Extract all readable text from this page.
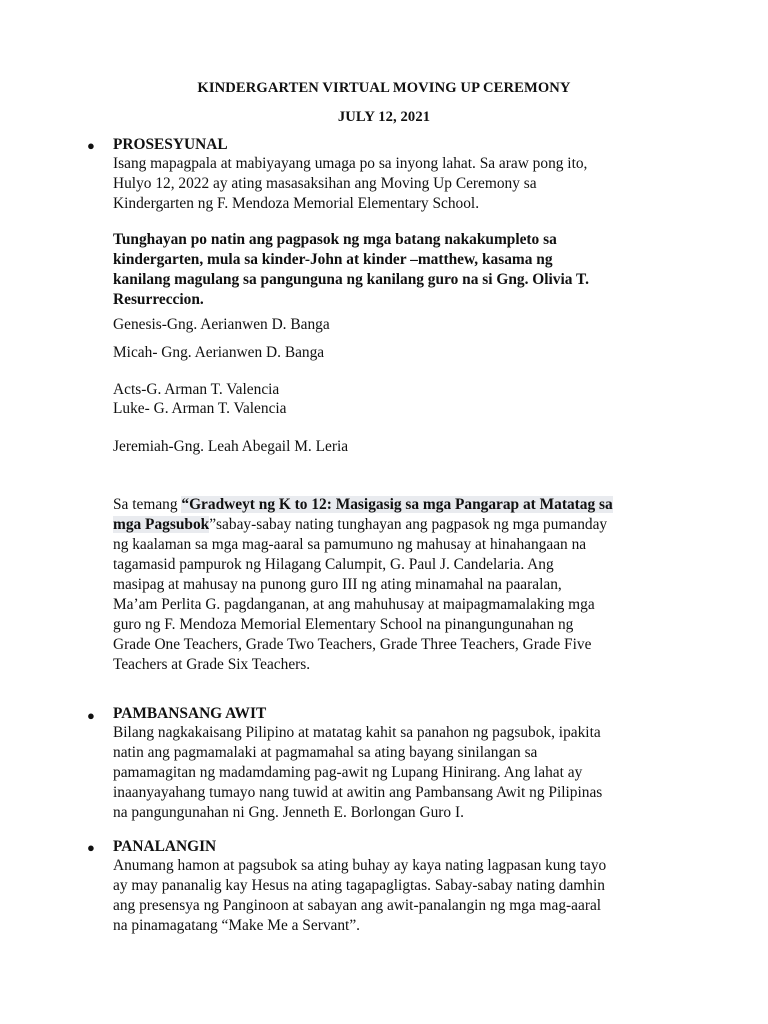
KINDERGARTEN VIRTUAL MOVING UP CEREMONY
JULY 12, 2021
● PROSESYUNAL
Isang mapagpala at mabiyayang umaga po sa inyong lahat. Sa araw pong ito,
Hulyo 12, 2022 ay ating masasaksihan ang Moving Up Ceremony sa
Kindergarten ng F. Mendoza Memorial Elementary School.
Tunghayan po natin ang pagpasok ng mga batang nakakumpleto sa
kindergarten, mula sa kinder-John at kinder –matthew, kasama ng
kanilang magulang sa pangunguna ng kanilang guro na si Gng. Olivia T.
Resurreccion.
Genesis-Gng. Aerianwen D. Banga
Micah- Gng. Aerianwen D. Banga
Acts-G. Arman T. Valencia
Luke- G. Arman T. Valencia
Jeremiah-Gng. Leah Abegail M. Leria
Sa temang “Gradweyt ng K to 12: Masigasig sa mga Pangarap at Matatag sa
mga Pagsubok”sabay-sabay nating tunghayan ang pagpasok ng mga pumanday
ng kaalaman sa mga mag-aaral sa pamumuno ng mahusay at hinahangaan na
tagamasid pampurok ng Hilagang Calumpit, G. Paul J. Candelaria. Ang
masipag at mahusay na punong guro III ng ating minamahal na paaralan,
Ma’am Perlita G. pagdanganan, at ang mahuhusay at maipagmamalaking mga
guro ng F. Mendoza Memorial Elementary School na pinangungunahan ng
Grade One Teachers, Grade Two Teachers, Grade Three Teachers, Grade Five
Teachers at Grade Six Teachers.
● PAMBANSANG AWIT
Bilang nagkakaisang Pilipino at matatag kahit sa panahon ng pagsubok, ipakita
natin ang pagmamalaki at pagmamahal sa ating bayang sinilangan sa
pamamagitan ng madamdaming pag-awit ng Lupang Hinirang. Ang lahat ay
inaanyayahang tumayo nang tuwid at awitin ang Pambansang Awit ng Pilipinas
na pangungunahan ni Gng. Jenneth E. Borlongan Guro I.
● PANALANGIN
Anumang hamon at pagsubok sa ating buhay ay kaya nating lagpasan kung tayo
ay may pananalig kay Hesus na ating tagapagligtas. Sabay-sabay nating damhin
ang presensya ng Panginoon at sabayan ang awit-panalangin ng mga mag-aaral
na pinamagatang “Make Me a Servant”.
